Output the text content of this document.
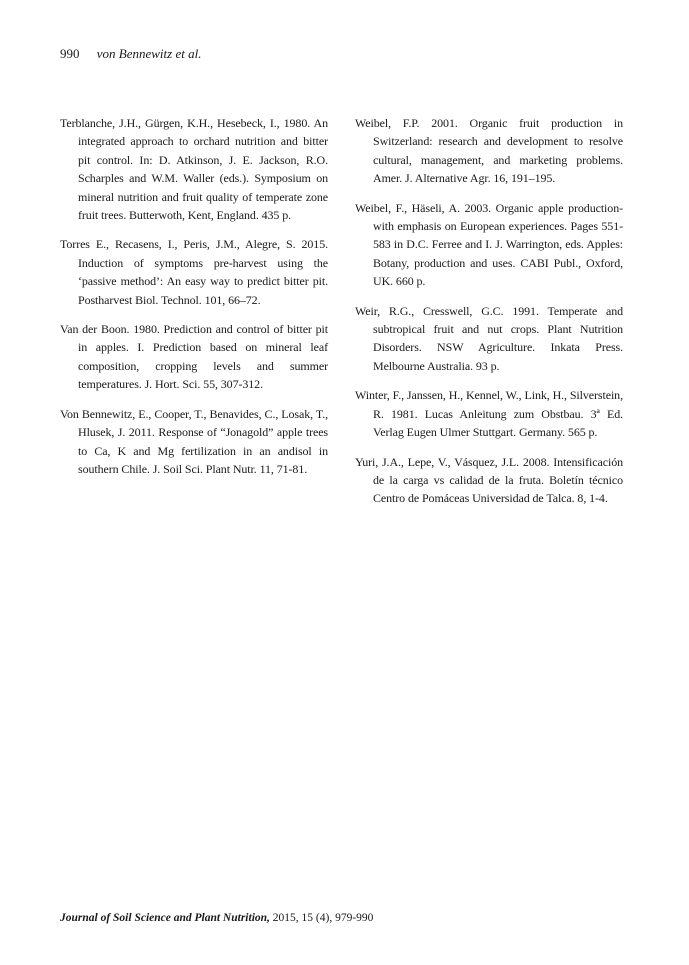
990 von Bennewitz et al.

Terblanche, J.H., Gürgen, K.H., Hesebeck, I., 1980. An integrated approach to orchard nutrition and bitter pit control. In: D. Atkinson, J. E. Jackson, R.O. Scharples and W.M. Waller (eds.). Symposium on mineral nutrition and fruit quality of temperate zone fruit trees. Butterwoth, Kent, England. 435 p.

Torres E., Recasens, I., Peris, J.M., Alegre, S. 2015. Induction of symptoms pre-harvest using the ‘passive method’: An easy way to predict bitter pit. Postharvest Biol. Technol. 101, 66–72.

Van der Boon. 1980. Prediction and control of bitter pit in apples. I. Prediction based on mineral leaf composition, cropping levels and summer temperatures. J. Hort. Sci. 55, 307-312.

Von Bennewitz, E., Cooper, T., Benavides, C., Losak, T., Hlusek, J. 2011. Response of “Jonagold” apple trees to Ca, K and Mg fertilization in an andisol in southern Chile. J. Soil Sci. Plant Nutr. 11, 71-81.

Weibel, F.P. 2001. Organic fruit production in Switzerland: research and development to resolve cultural, management, and marketing problems. Amer. J. Alternative Agr. 16, 191–195.

Weibel, F., Häseli, A. 2003. Organic apple production-with emphasis on European experiences. Pages 551-583 in D.C. Ferree and I. J. Warrington, eds. Apples: Botany, production and uses. CABI Publ., Oxford, UK. 660 p.

Weir, R.G., Cresswell, G.C. 1991. Temperate and subtropical fruit and nut crops. Plant Nutrition Disorders. NSW Agriculture. Inkata Press. Melbourne Australia. 93 p.

Winter, F., Janssen, H., Kennel, W., Link, H., Silverstein, R. 1981. Lucas Anleitung zum Obstbau. 3ª Ed. Verlag Eugen Ulmer Stuttgart. Germany. 565 p.

Yuri, J.A., Lepe, V., Vásquez, J.L. 2008. Intensificación de la carga vs calidad de la fruta. Boletín técnico Centro de Pomáceas Universidad de Talca. 8, 1-4.

Journal of Soil Science and Plant Nutrition, 2015, 15 (4), 979-990
